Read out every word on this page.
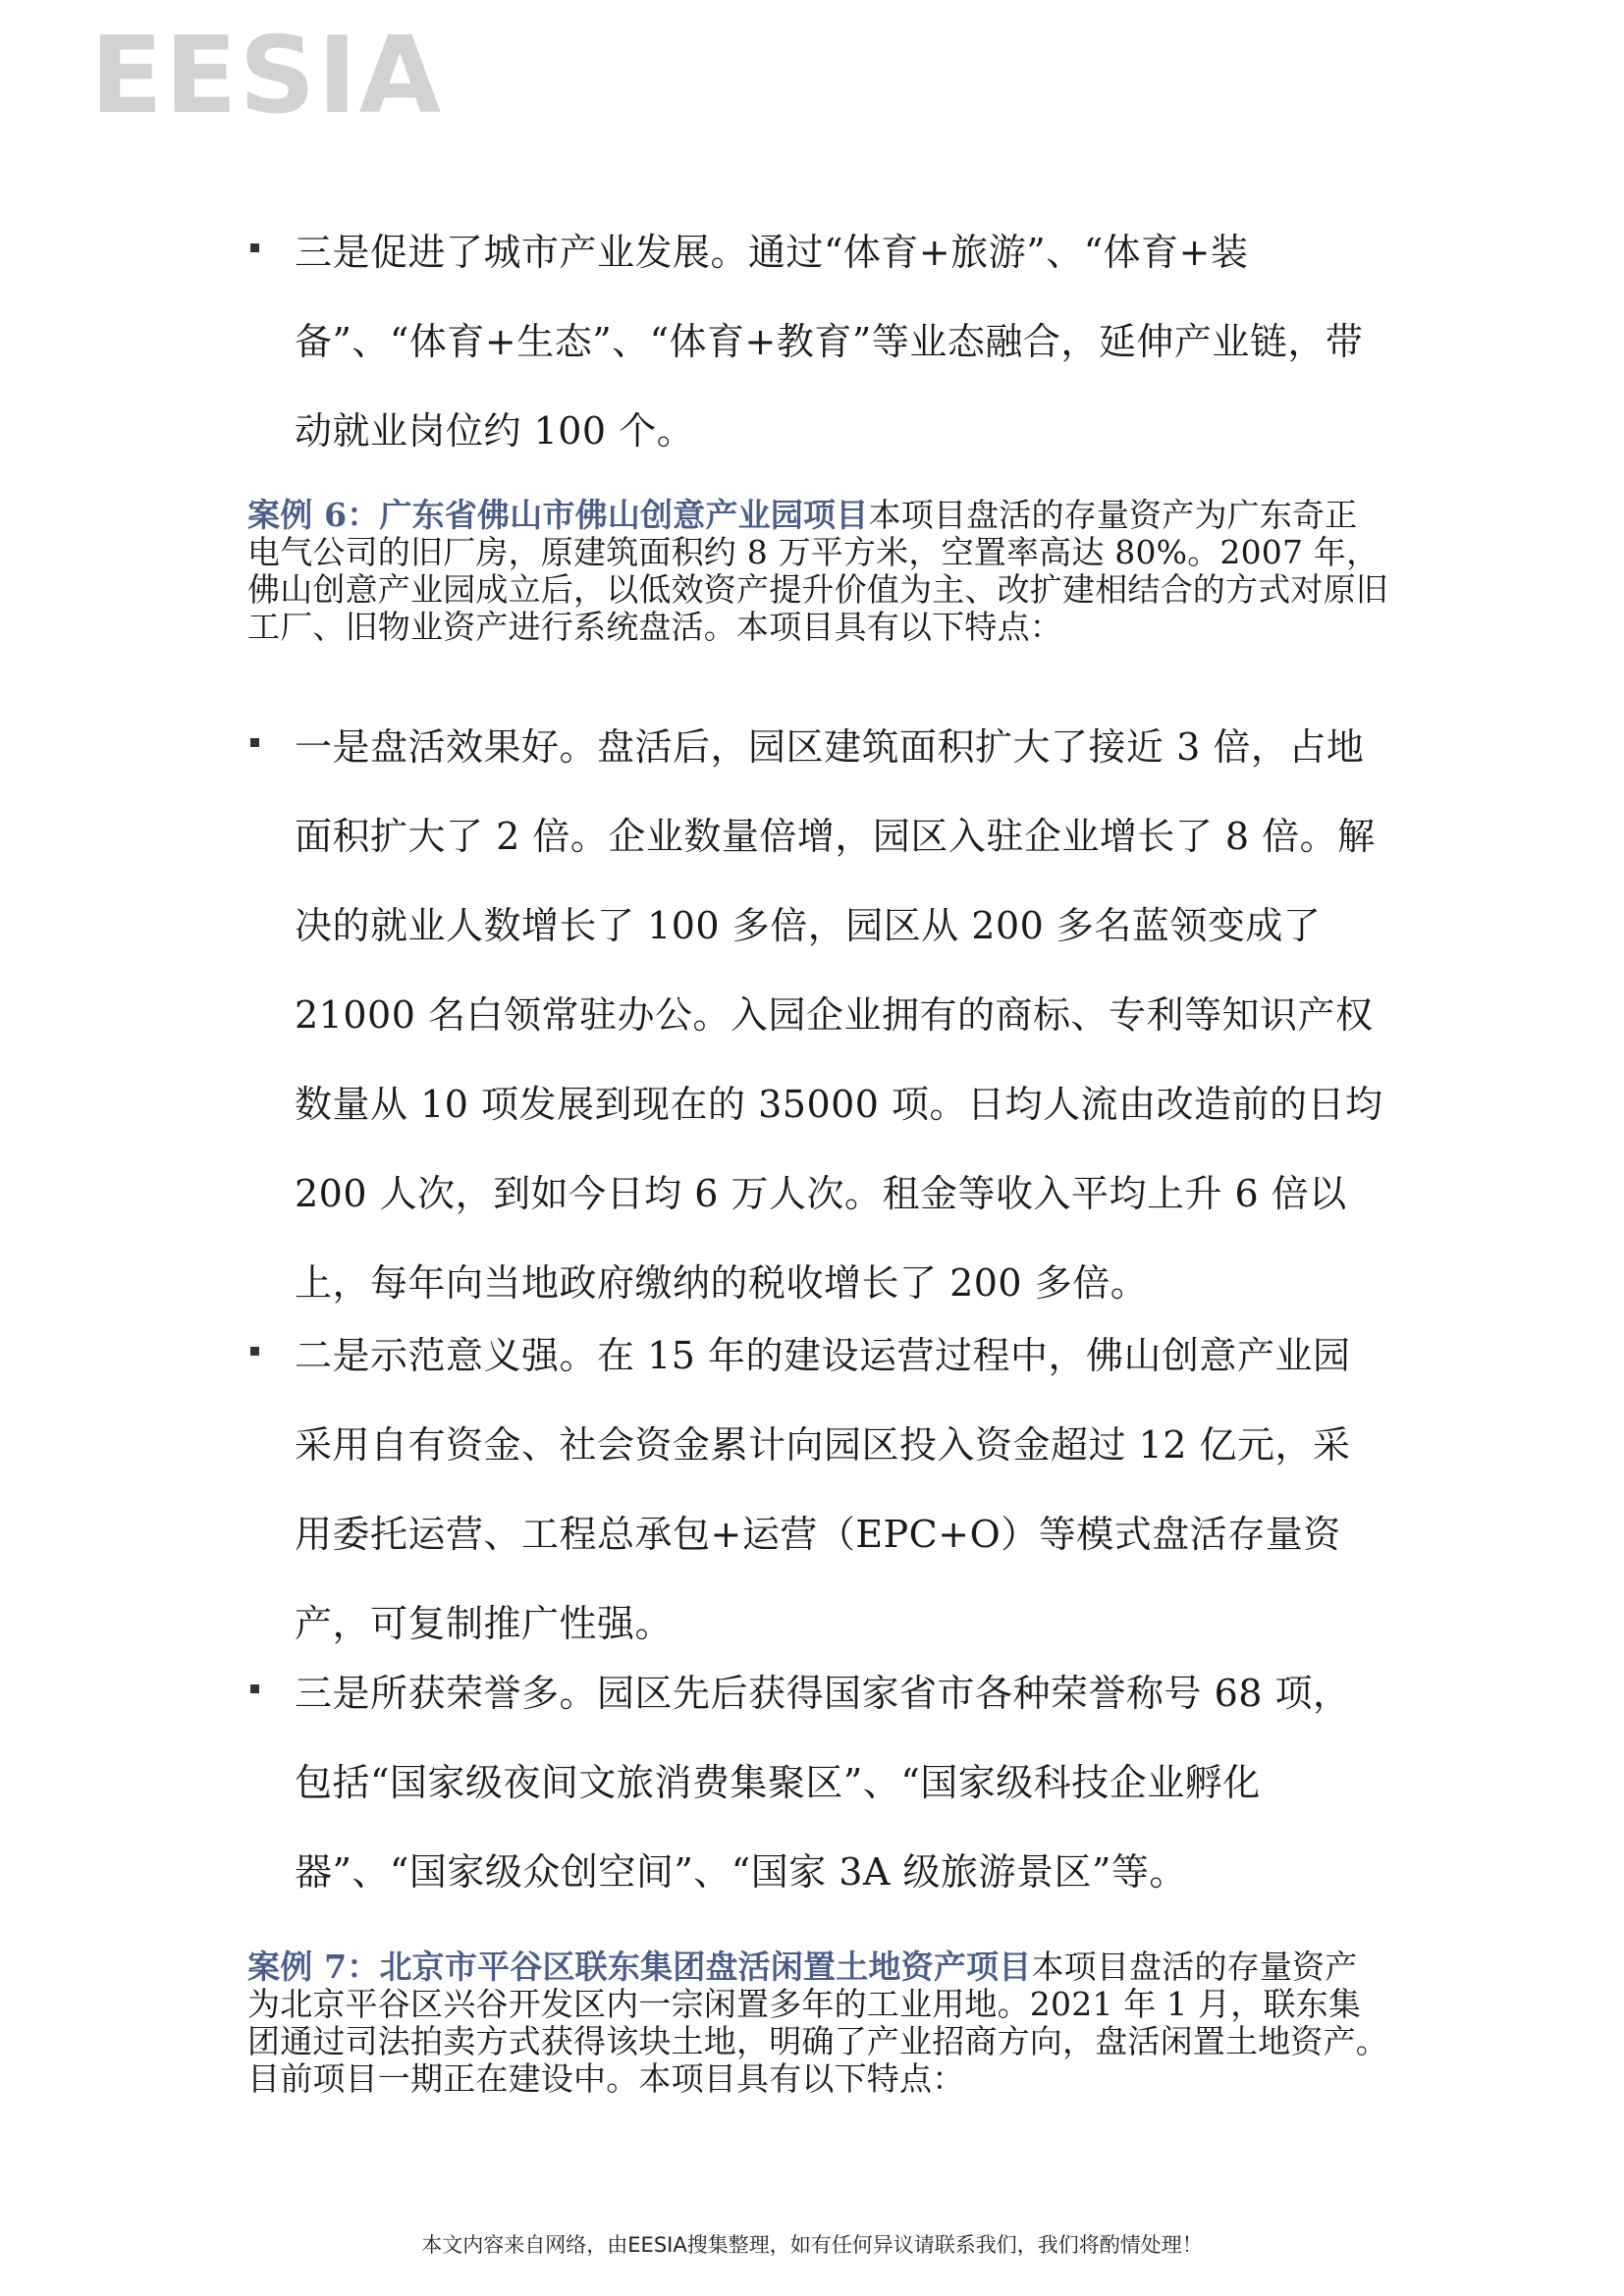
EESIA
三是促进了城市产业发展。通过“体育+旅游”、“体育+装备”、“体育+生态”、“体育+教育”等业态融合，延伸产业链，带动就业岗位约 100 个。
案例 6：广东省佛山市佛山创意产业园项目本项目盘活的存量资产为广东奇正电气公司的旧厂房，原建筑面积约 8 万平方米，空置率高达 80%。2007 年，佛山创意产业园成立后，以低效资产提升价值为主、改扩建相结合的方式对原旧工厂、旧物业资产进行系统盘活。本项目具有以下特点：
一是盘活效果好。盘活后，园区建筑面积扩大了接近 3 倍，占地面积扩大了 2 倍。企业数量倍增，园区入驻企业增长了 8 倍。解决的就业人数增长了 100 多倍，园区从 200 多名蓝领变成了 21000 名白领常驻办公。入园企业拥有的商标、专利等知识产权数量从 10 项发展到现在的 35000 项。日均人流由改造前的日均 200 人次，到如今日均 6 万人次。租金等收入平均上升 6 倍以上，每年向当地政府缴纳的税收增长了 200 多倍。
二是示范意义强。在 15 年的建设运营过程中，佛山创意产业园采用自有资金、社会资金累计向园区投入资金超过 12 亿元，采用委托运营、工程总承包+运营（EPC+O）等模式盘活存量资产，可复制推广性强。
三是所获荣誉多。园区先后获得国家省市各种荣誉称号 68 项，包括“国家级夜间文旅消费集聚区”、“国家级科技企业孵化器”、“国家级众创空间”、“国家 3A 级旅游景区”等。
案例 7：北京市平谷区联东集团盘活闲置土地资产项目本项目盘活的存量资产为北京平谷区兴谷开发区内一宗闲置多年的工业用地。2021 年 1 月，联东集团通过司法拍卖方式获得该块土地，明确了产业招商方向，盘活闲置土地资产。目前项目一期正在建设中。本项目具有以下特点：
本文内容来自网络，由EESIA搜集整理，如有任何异议请联系我们，我们将酌情处理！
